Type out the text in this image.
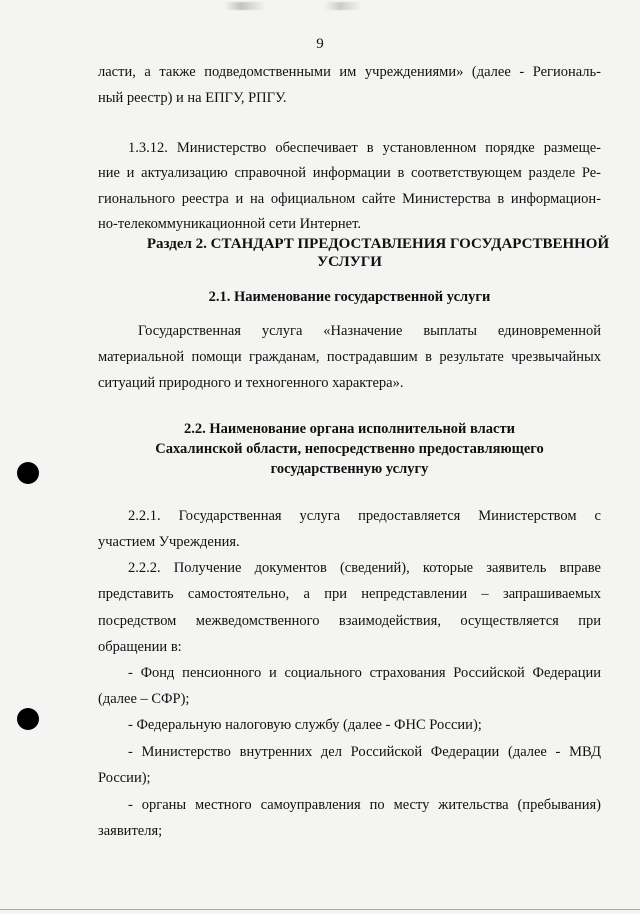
9
ласти, а также подведомственными им учреждениями» (далее - Региональ-
ный реестр) и на ЕПГУ, РПГУ.
1.3.12. Министерство обеспечивает в установленном порядке размеще-
ние и актуализацию справочной информации в соответствующем разделе Ре-
гионального реестра и на официальном сайте Министерства в информацион-
но-телекоммуникационной сети Интернет.
Раздел 2. СТАНДАРТ ПРЕДОСТАВЛЕНИЯ ГОСУДАРСТВЕННОЙ
УСЛУГИ
2.1. Наименование государственной услуги
Государственная услуга «Назначение выплаты единовременной
материальной помощи гражданам, пострадавшим в результате чрезвычайных
ситуаций природного и техногенного характера».
2.2. Наименование органа исполнительной власти
Сахалинской области, непосредственно предоставляющего
государственную услугу
2.2.1. Государственная услуга предоставляется Министерством с
участием Учреждения.
2.2.2. Получение документов (сведений), которые заявитель вправе
представить самостоятельно, а при непредставлении – запрашиваемых
посредством межведомственного взаимодействия, осуществляется при
обращении в:
- Фонд пенсионного и социального страхования Российской Федерации
(далее – СФР);
- Федеральную налоговую службу (далее - ФНС России);
- Министерство внутренних дел Российской Федерации (далее - МВД
России);
- органы местного самоуправления по месту жительства (пребывания)
заявителя;
